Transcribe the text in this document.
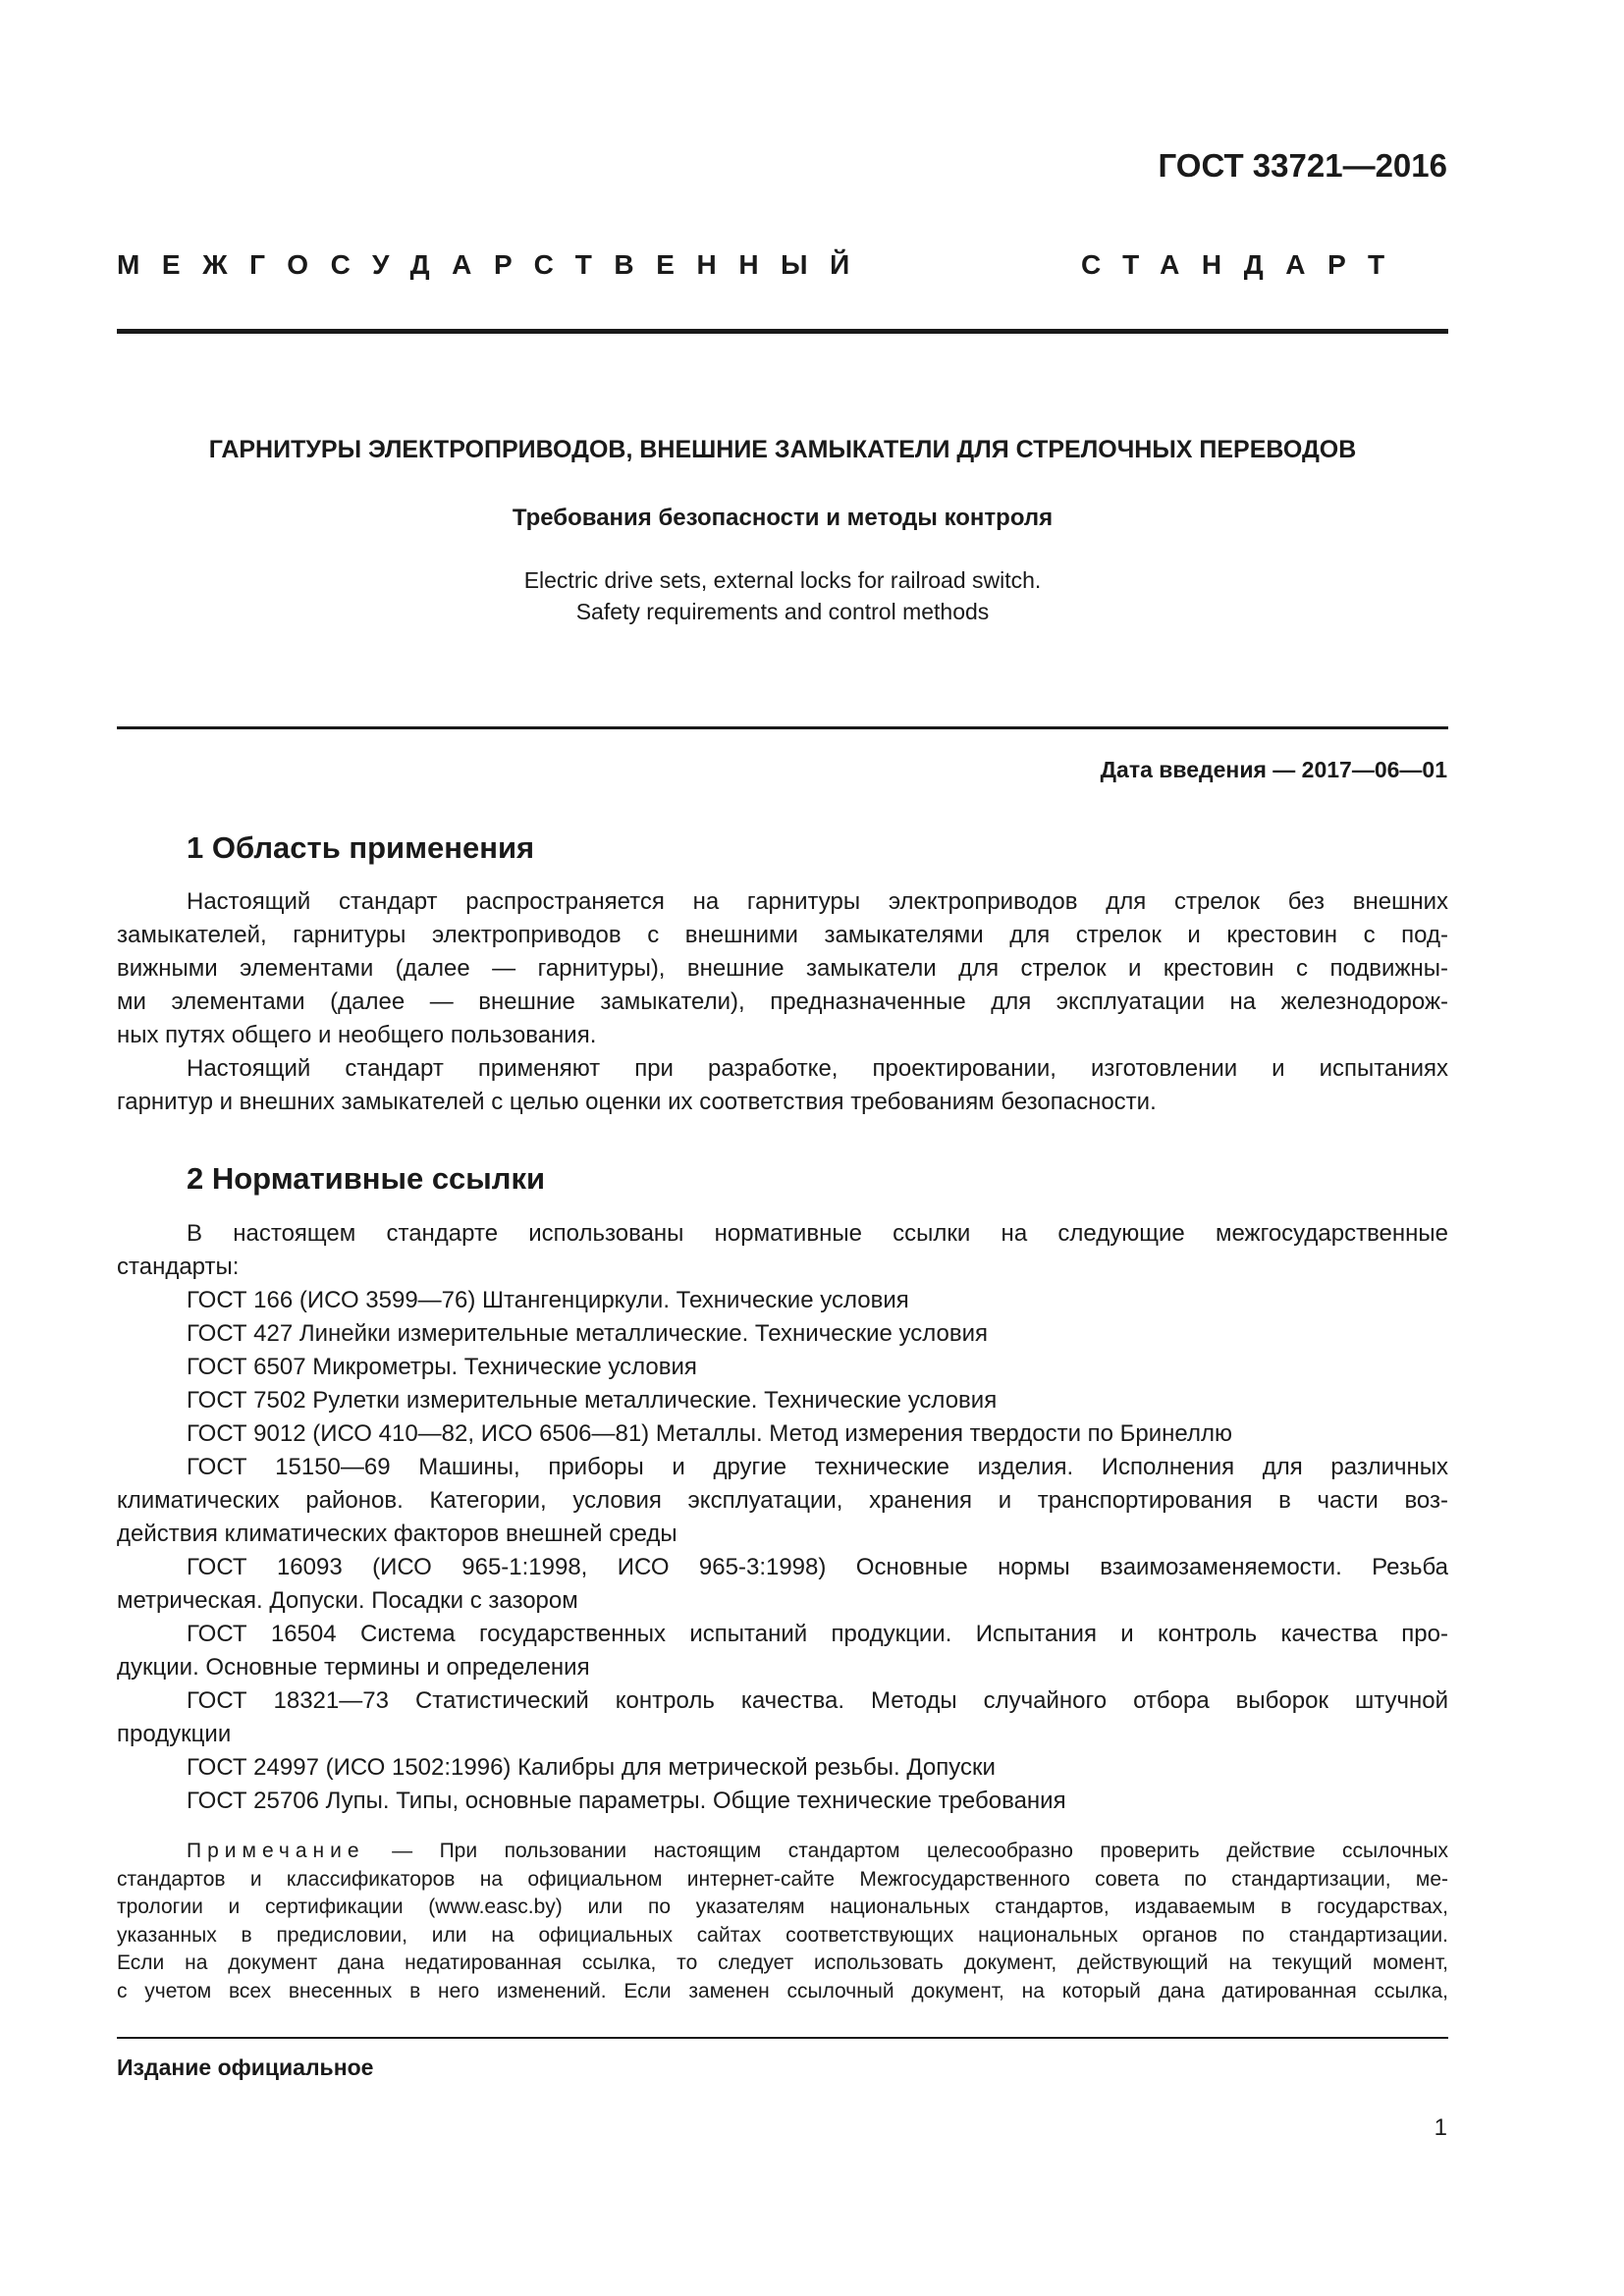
ГОСТ 33721—2016
МЕЖГОСУДАРСТВЕННЫЙ	СТАНДАРТ
ГАРНИТУРЫ ЭЛЕКТРОПРИВОДОВ, ВНЕШНИЕ ЗАМЫКАТЕЛИ ДЛЯ СТРЕЛОЧНЫХ ПЕРЕВОДОВ
Требования безопасности и методы контроля
Electric drive sets, external locks for railroad switch.
Safety requirements and control methods
Дата введения — 2017—06—01
1 Область применения
Настоящий стандарт распространяется на гарнитуры электроприводов для стрелок без внешних
замыкателей, гарнитуры электроприводов с внешними замыкателями для стрелок и крестовин с под-
вижными элементами (далее — гарнитуры), внешние замыкатели для стрелок и крестовин с подвижны-
ми элементами (далее — внешние замыкатели), предназначенные для эксплуатации на железнодорож-
ных путях общего и необщего пользования.
Настоящий стандарт применяют при разработке, проектировании, изготовлении и испытаниях
гарнитур и внешних замыкателей с целью оценки их соответствия требованиям безопасности.
2 Нормативные ссылки
В настоящем стандарте использованы нормативные ссылки на следующие межгосударственные
стандарты:
ГОСТ 166 (ИСО 3599—76) Штангенциркули. Технические условия
ГОСТ 427 Линейки измерительные металлические. Технические условия
ГОСТ 6507 Микрометры. Технические условия
ГОСТ 7502 Рулетки измерительные металлические. Технические условия
ГОСТ 9012 (ИСО 410—82, ИСО 6506—81) Металлы. Метод измерения твердости по Бринеллю
ГОСТ 15150—69 Машины, приборы и другие технические изделия. Исполнения для различных
климатических районов. Категории, условия эксплуатации, хранения и транспортирования в части воз-
действия климатических факторов внешней среды
ГОСТ 16093 (ИСО 965-1:1998, ИСО 965-3:1998) Основные нормы взаимозаменяемости. Резьба
метрическая. Допуски. Посадки с зазором
ГОСТ 16504 Система государственных испытаний продукции. Испытания и контроль качества про-
дукции. Основные термины и определения
ГОСТ 18321—73 Статистический контроль качества. Методы случайного отбора выборок штучной
продукции
ГОСТ 24997 (ИСО 1502:1996) Калибры для метрической резьбы. Допуски
ГОСТ 25706 Лупы. Типы, основные параметры. Общие технические требования
Примечание — При пользовании настоящим стандартом целесообразно проверить действие ссылочных
стандартов и классификаторов на официальном интернет-сайте Межгосударственного совета по стандартизации, ме-
трологии и сертификации (www.easc.by) или по указателям национальных стандартов, издаваемым в государствах,
указанных в предисловии, или на официальных сайтах соответствующих национальных органов по стандартизации.
Если на документ дана недатированная ссылка, то следует использовать документ, действующий на текущий момент,
с учетом всех внесенных в него изменений. Если заменен ссылочный документ, на который дана датированная ссылка,
Издание официальное
1
